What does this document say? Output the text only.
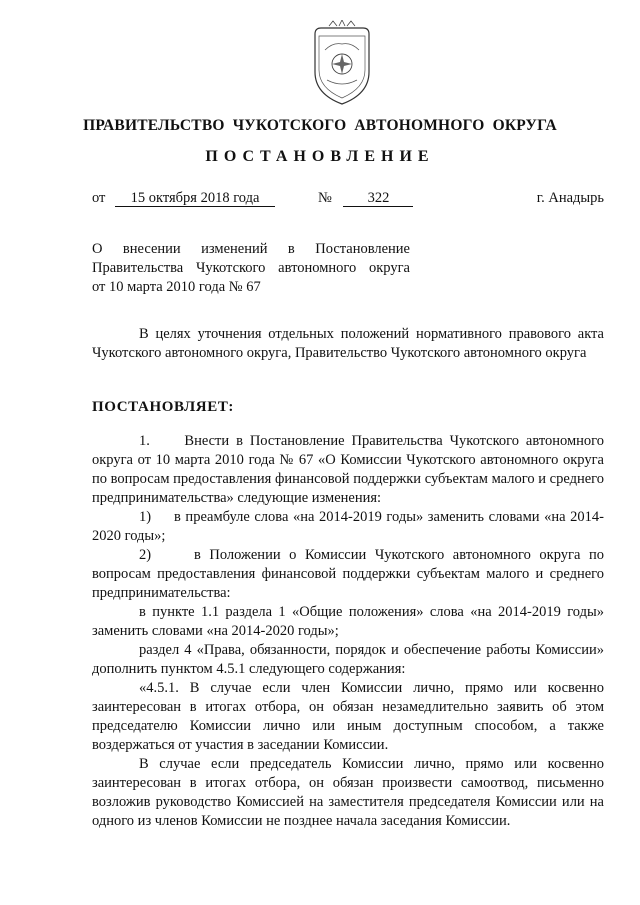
ПРАВИТЕЛЬСТВО ЧУКОТСКОГО АВТОНОМНОГО ОКРУГА
ПОСТАНОВЛЕНИЕ
от 15 октября 2018 года	№ 322	г. Анадырь
О внесении изменений в Постановление
Правительства Чукотского автономного округа
от 10 марта 2010 года № 67

В целях уточнения отдельных положений нормативного правового акта Чукотского автономного округа, Правительство Чукотского автономного округа

ПОСТАНОВЛЯЕТ:

1.     Внести в Постановление Правительства Чукотского автономного округа от 10 марта 2010 года № 67 «О Комиссии Чукотского автономного округа по вопросам предоставления финансовой поддержки субъектам малого и среднего предпринимательства» следующие изменения:

1)     в преамбуле слова «на 2014-2019 годы» заменить словами «на 2014-2020 годы»;

2)     в Положении о Комиссии Чукотского автономного округа по вопросам предоставления финансовой поддержки субъектам малого и среднего предпринимательства:

в пункте 1.1 раздела 1 «Общие положения» слова «на 2014-2019 годы» заменить словами «на 2014-2020 годы»;

раздел 4 «Права, обязанности, порядок и обеспечение работы Комиссии» дополнить пунктом 4.5.1 следующего содержания:

«4.5.1. В случае если член Комиссии лично, прямо или косвенно заинтересован в итогах отбора, он обязан незамедлительно заявить об этом председателю Комиссии лично или иным доступным способом, а также воздержаться от участия в заседании Комиссии.

В случае если председатель Комиссии лично, прямо или косвенно заинтересован в итогах отбора, он обязан произвести самоотвод, письменно возложив руководство Комиссией на заместителя председателя Комиссии или на одного из членов Комиссии не позднее начала заседания Комиссии.
